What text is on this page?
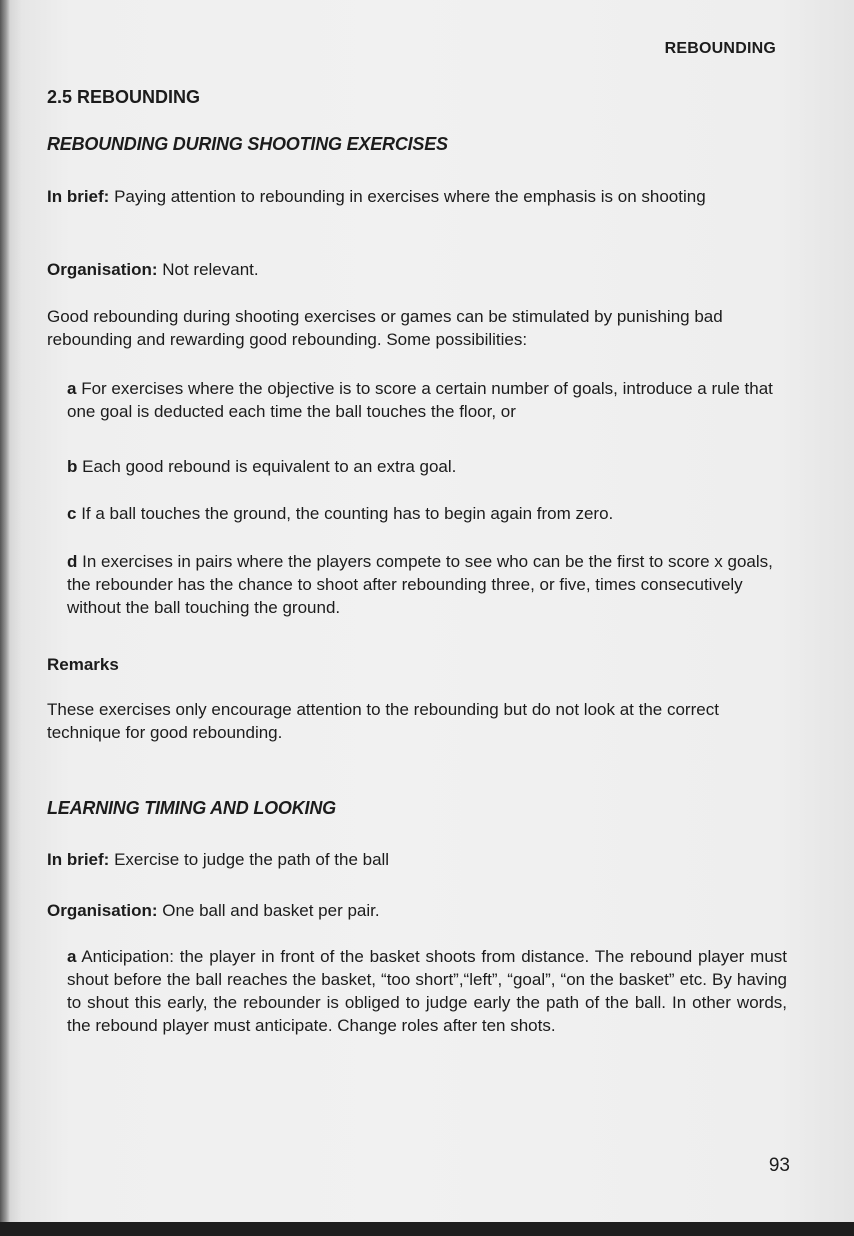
REBOUNDING
2.5 REBOUNDING
REBOUNDING DURING SHOOTING EXERCISES

In brief: Paying attention to rebounding in exercises where the emphasis is on shooting

Organisation: Not relevant.

Good rebounding during shooting exercises or games can be stimulated by punishing bad rebounding and rewarding good rebounding. Some possibilities:

a For exercises where the objective is to score a certain number of goals, introduce a rule that one goal is deducted each time the ball touches the floor, or

b Each good rebound is equivalent to an extra goal.

c If a ball touches the ground, the counting has to begin again from zero.

d In exercises in pairs where the players compete to see who can be the first to score x goals, the rebounder has the chance to shoot after rebounding three, or five, times consecutively without the ball touching the ground.

Remarks

These exercises only encourage attention to the rebounding but do not look at the correct technique for good rebounding.

LEARNING TIMING AND LOOKING

In brief: Exercise to judge the path of the ball

Organisation: One ball and basket per pair.

a Anticipation: the player in front of the basket shoots from distance. The rebound player must shout before the ball reaches the basket, “too short”,“left”, “goal”, “on the basket” etc. By having to shout this early, the rebounder is obliged to judge early the path of the ball. In other words, the rebound player must anticipate. Change roles after ten shots.

93
